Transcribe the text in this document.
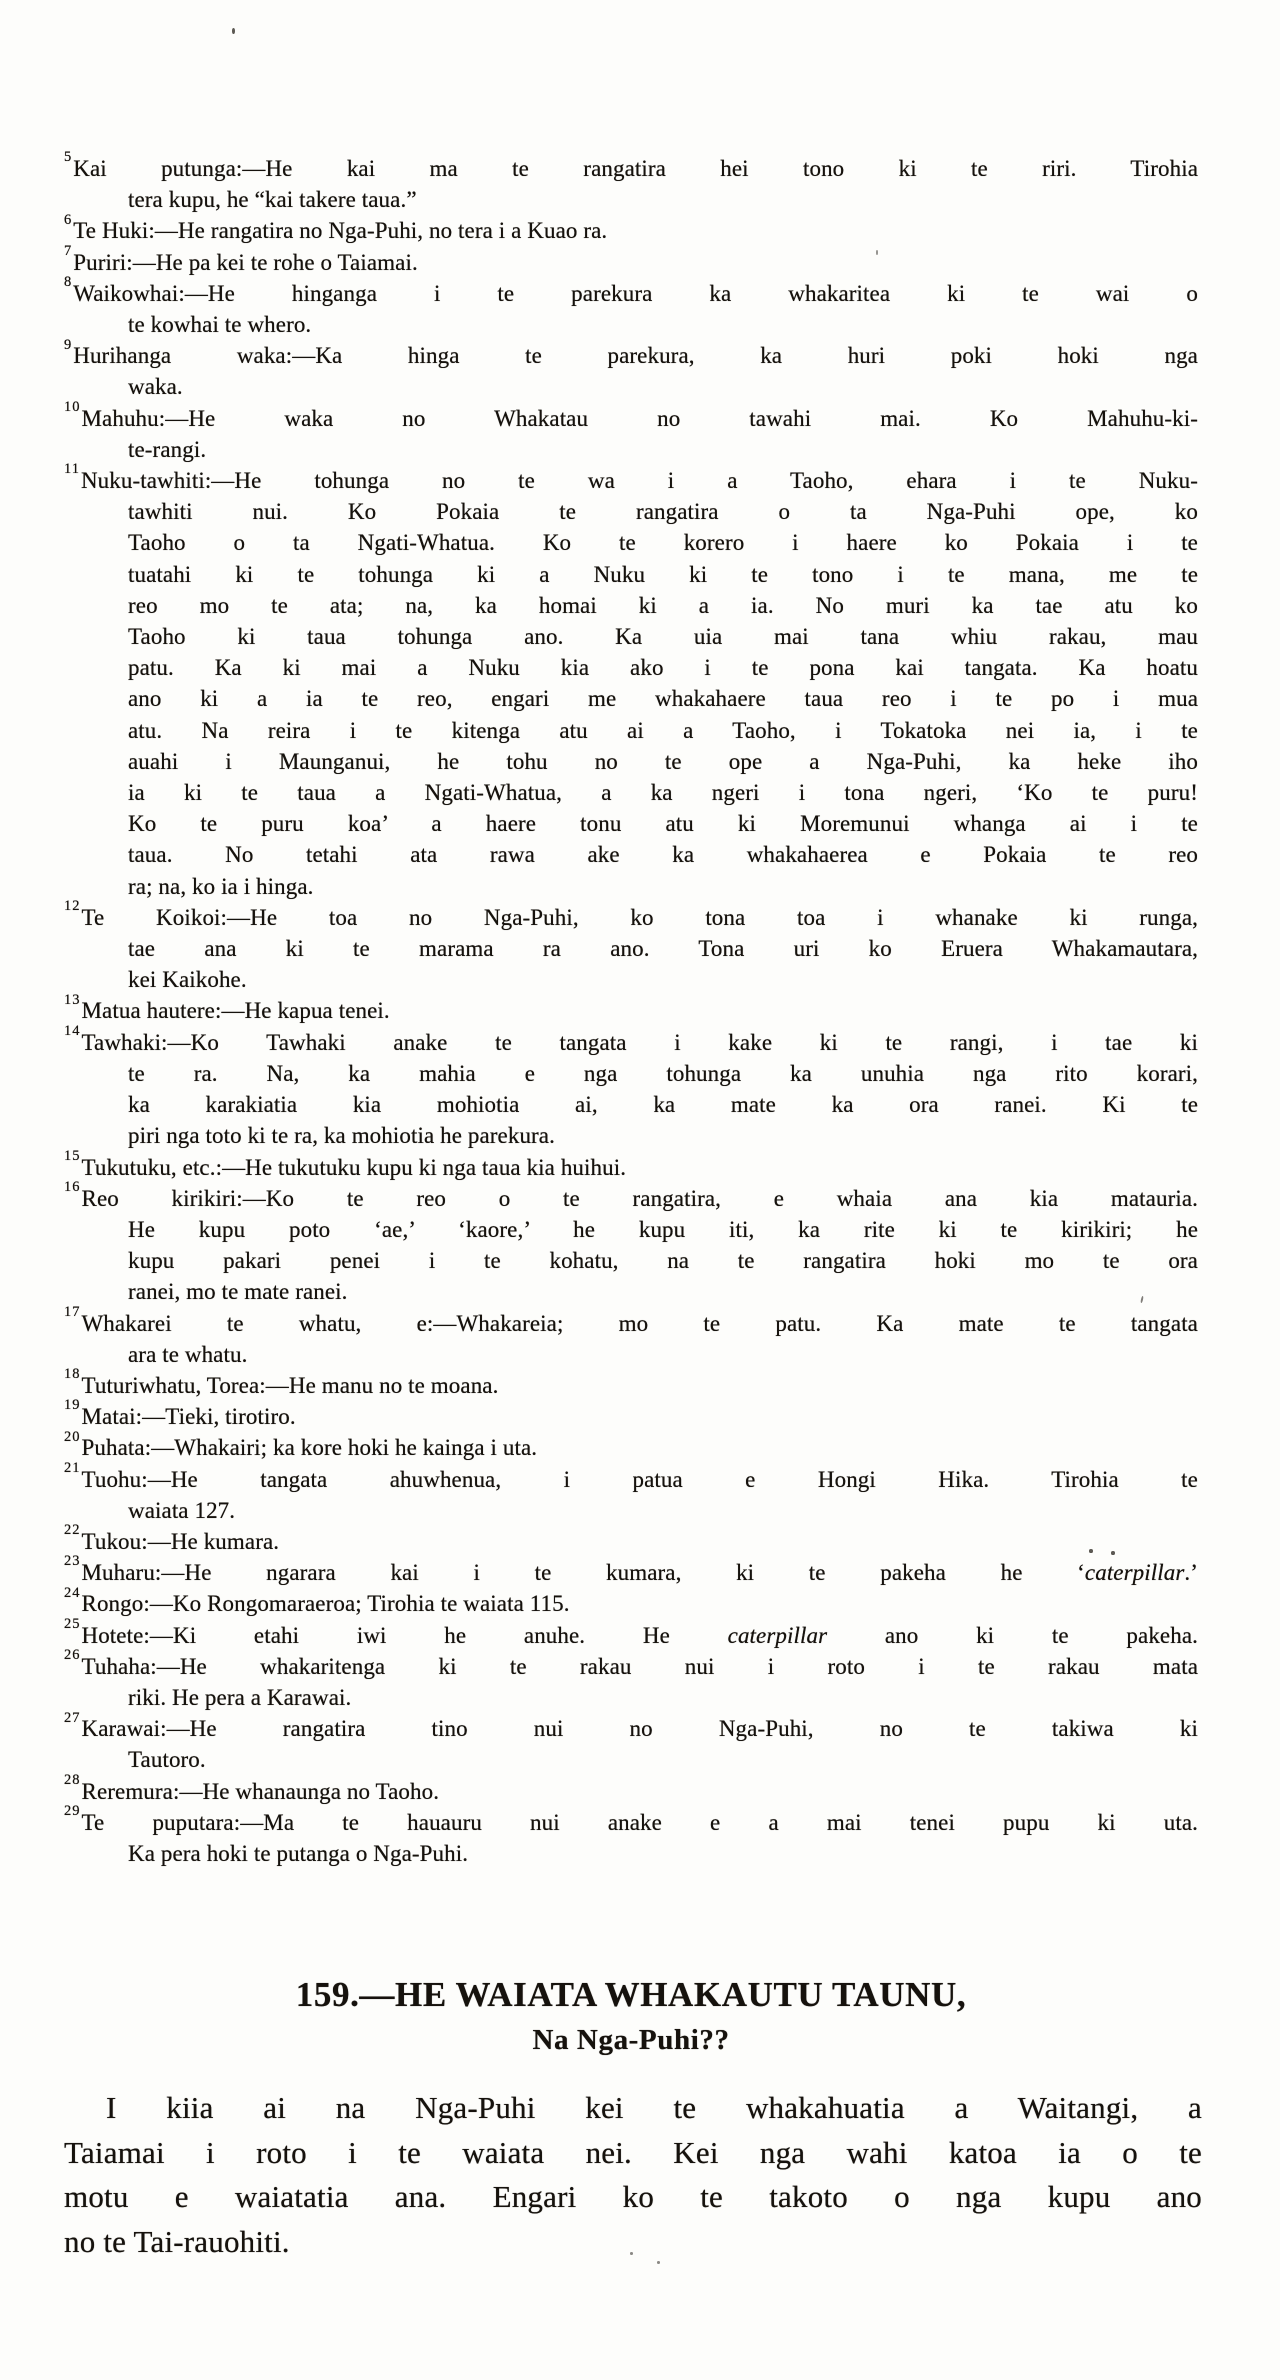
$^5$Kai putunga:—He kai ma te rangatira hei tono ki te riri. Tirohia
tera kupu, he “kai takere taua.”
$^6$Te Huki:—He rangatira no Nga-Puhi, no tera i a Kuao ra.
$^7$Puriri:—He pa kei te rohe o Taiamai.
$^8$Waikowhai:—He hinganga i te parekura ka whakaritea ki te wai o
te kowhai te whero.
$^9$Hurihanga waka:—Ka hinga te parekura, ka huri poki hoki nga
waka.
$^{10}$Mahuhu:—He waka no Whakatau no tawahi mai. Ko Mahuhu-ki-
te-rangi.
$^{11}$Nuku-tawhiti:—He tohunga no te wa i a Taoho, ehara i te Nuku-
tawhiti nui. Ko Pokaia te rangatira o ta Nga-Puhi ope, ko
Taoho o ta Ngati-Whatua. Ko te korero i haere ko Pokaia i te
tuatahi ki te tohunga ki a Nuku ki te tono i te mana, me te
reo mo te ata; na, ka homai ki a ia. No muri ka tae atu ko
Taoho ki taua tohunga ano. Ka uia mai tana whiu rakau, mau
patu. Ka ki mai a Nuku kia ako i te pona kai tangata. Ka hoatu
ano ki a ia te reo, engari me whakahaere taua reo i te po i mua
atu. Na reira i te kitenga atu ai a Taoho, i Tokatoka nei ia, i te
auahi i Maunganui, he tohu no te ope a Nga-Puhi, ka heke iho
ia ki te taua a Ngati-Whatua, a ka ngeri i tona ngeri, ‘Ko te puru!
Ko te puru koa’ a haere tonu atu ki Moremunui whanga ai i te
taua. No tetahi ata rawa ake ka whakahaerea e Pokaia te reo
ra; na, ko ia i hinga.
$^{12}$Te Koikoi:—He toa no Nga-Puhi, ko tona toa i whanake ki runga,
tae ana ki te marama ra ano. Tona uri ko Eruera Whakamautara,
kei Kaikohe.
$^{13}$Matua hautere:—He kapua tenei.
$^{14}$Tawhaki:—Ko Tawhaki anake te tangata i kake ki te rangi, i tae ki
te ra. Na, ka mahia e nga tohunga ka unuhia nga rito korari,
ka karakiatia kia mohiotia ai, ka mate ka ora ranei. Ki te
piri nga toto ki te ra, ka mohiotia he parekura.
$^{15}$Tukutuku, etc.:—He tukutuku kupu ki nga taua kia huihui.
$^{16}$Reo kirikiri:—Ko te reo o te rangatira, e whaia ana kia matauria.
He kupu poto ‘ae,’ ‘kaore,’ he kupu iti, ka rite ki te kirikiri; he
kupu pakari penei i te kohatu, na te rangatira hoki mo te ora
ranei, mo te mate ranei.
$^{17}$Whakarei te whatu, e:—Whakareia; mo te patu. Ka mate te tangata
ara te whatu.
$^{18}$Tuturiwhatu, Torea:—He manu no te moana.
$^{19}$Matai:—Tieki, tirotiro.
$^{20}$Puhata:—Whakairi; ka kore hoki he kainga i uta.
$^{21}$Tuohu:—He tangata ahuwhenua, i patua e Hongi Hika. Tirohia te
waiata 127.
$^{22}$Tukou:—He kumara.
$^{23}$Muharu:—He ngarara kai i te kumara, ki te pakeha he ‘caterpillar.’
$^{24}$Rongo:—Ko Rongomaraeroa; Tirohia te waiata 115.
$^{25}$Hotete:—Ki etahi iwi he anuhe. He caterpillar ano ki te pakeha.
$^{26}$Tuhaha:—He whakaritenga ki te rakau nui i roto i te rakau mata
riki. He pera a Karawai.
$^{27}$Karawai:—He rangatira tino nui no Nga-Puhi, no te takiwa ki
Tautoro.
$^{28}$Reremura:—He whanaunga no Taoho.
$^{29}$Te puputara:—Ma te hauauru nui anake e a mai tenei pupu ki uta.
Ka pera hoki te putanga o Nga-Puhi.
159.—HE WAIATA WHAKAUTU TAUNU,
Na Nga-Puhi??
I kiia ai na Nga-Puhi kei te whakahuatia a Waitangi, a
Taiamai i roto i te waiata nei. Kei nga wahi katoa ia o te
motu e waiatatia ana. Engari ko te takoto o nga kupu ano
no te Tai-rauohiti.
